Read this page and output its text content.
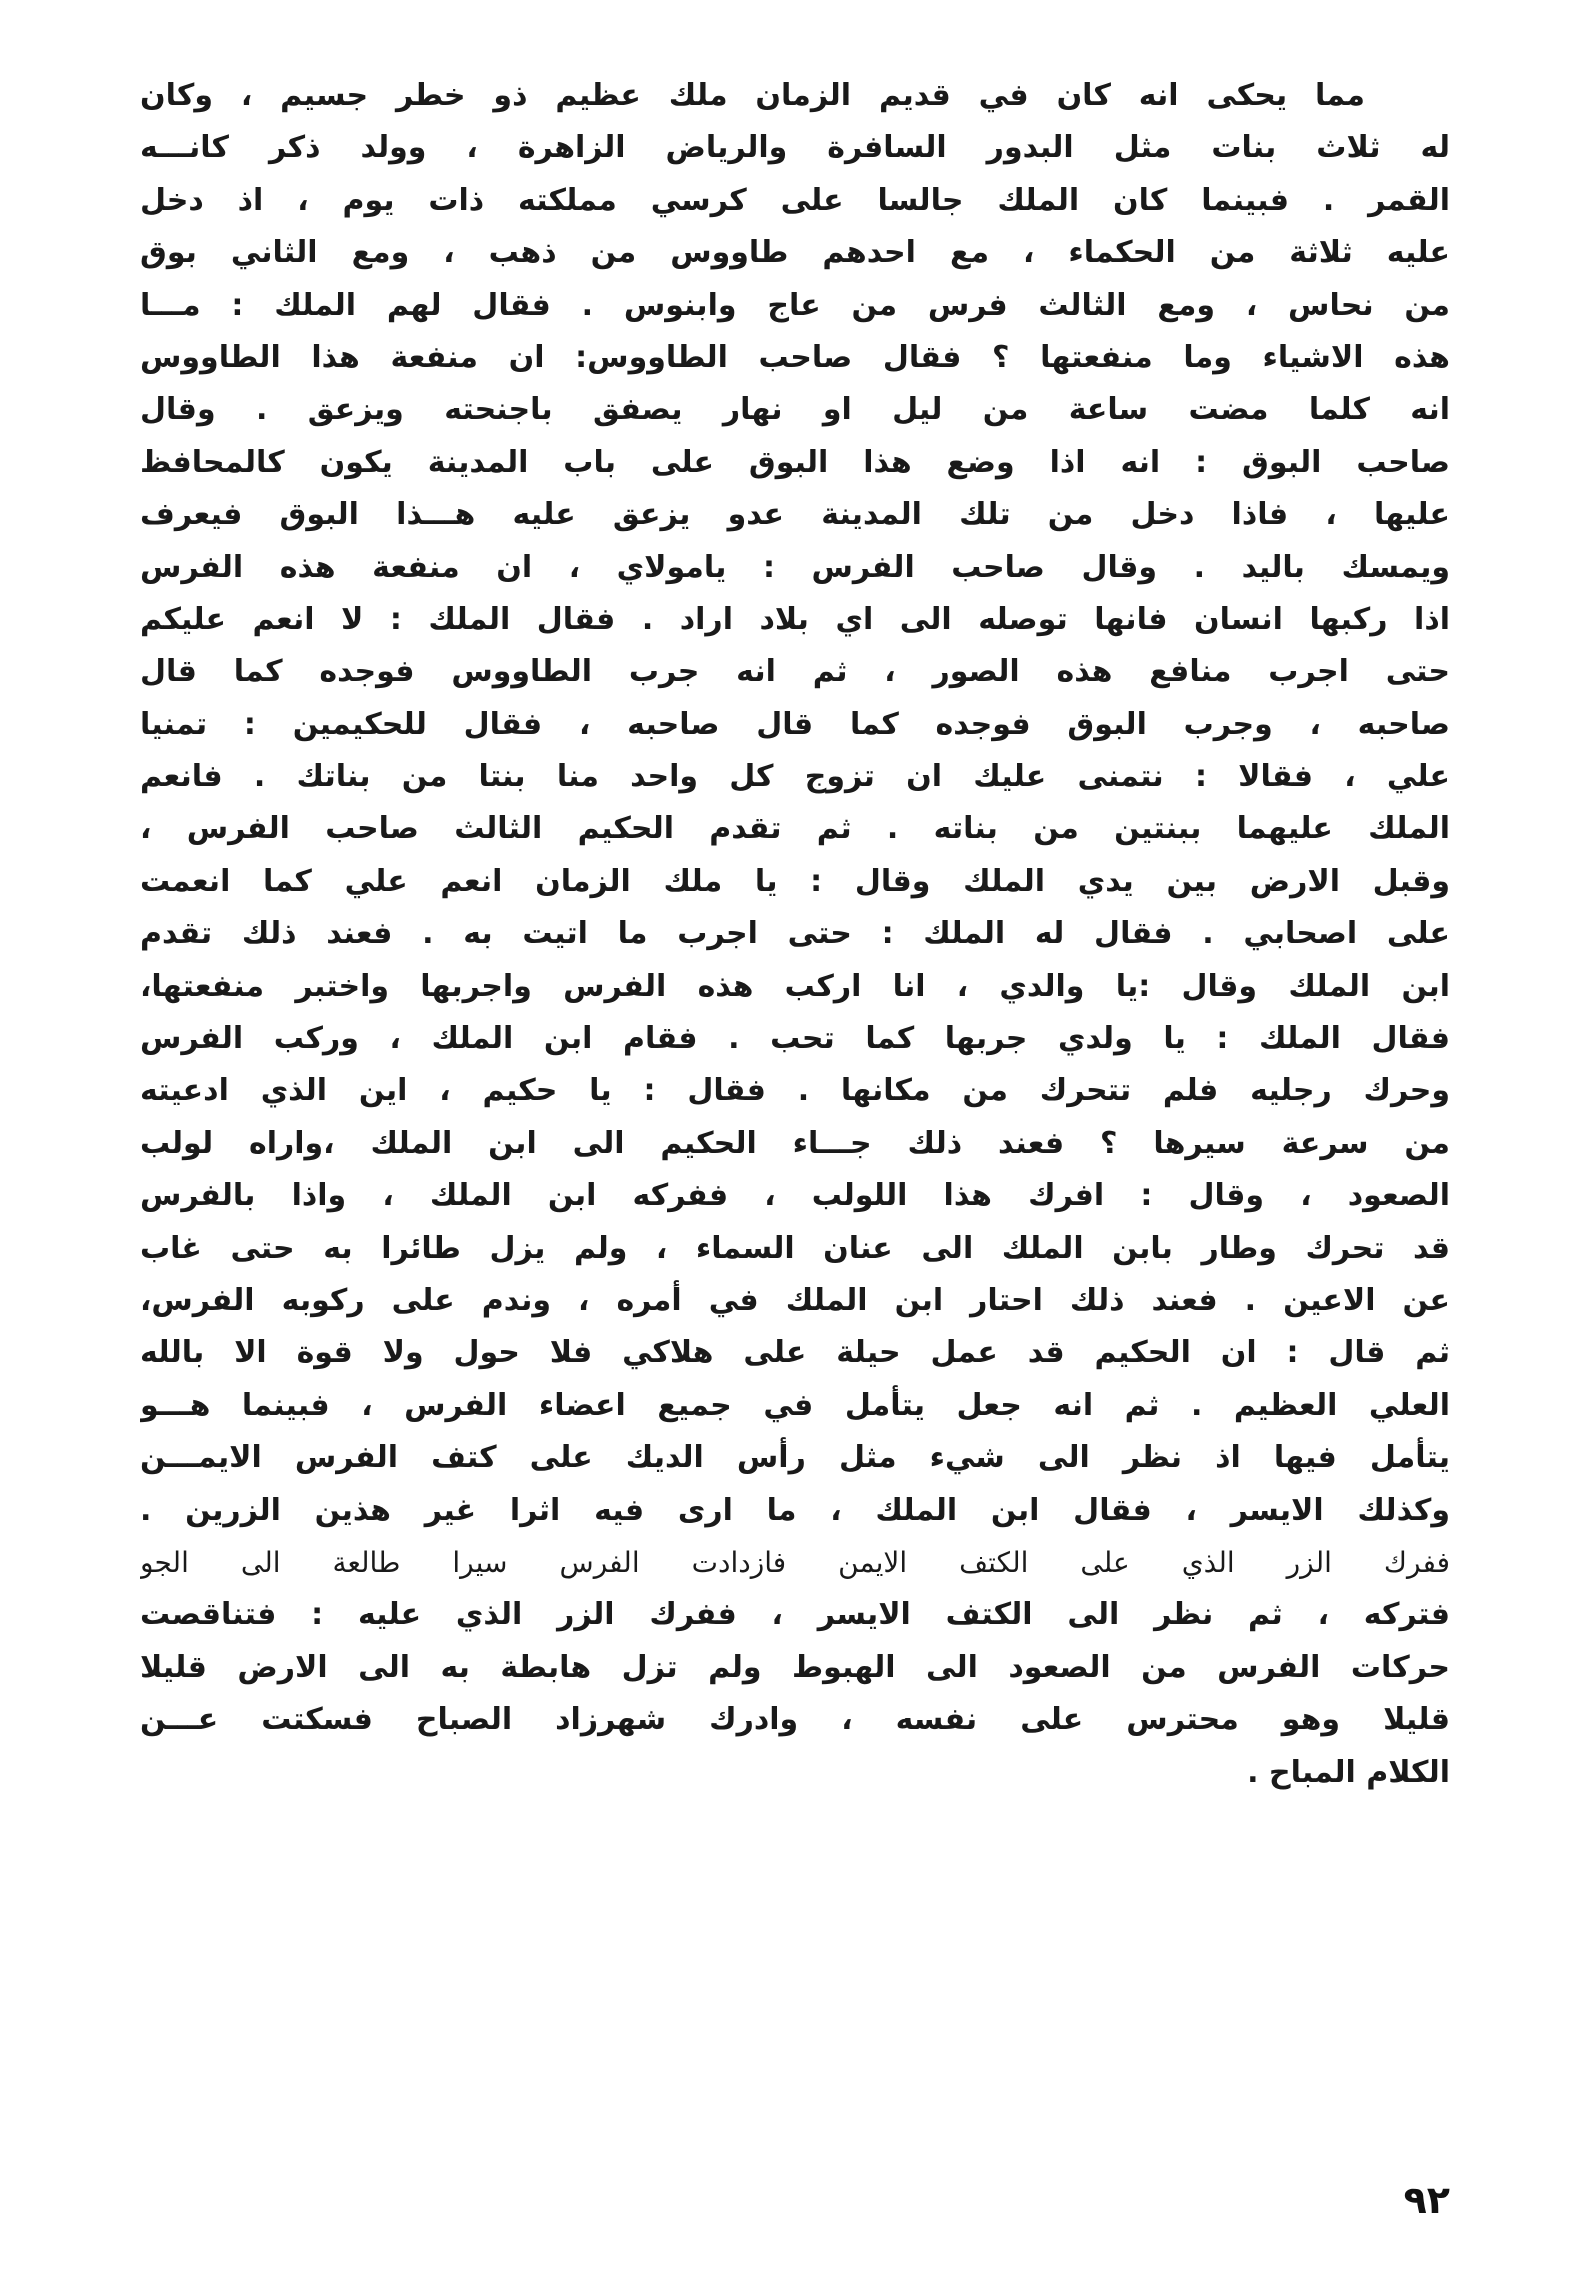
مما يحكى انه كان في قديم الزمان ملك عظيم ذو خطر جسيم ، وكان
له ثلاث بنات مثل البدور السافرة والرياض الزاهرة ، وولد ذكر كانـــه
القمر . فبينما كان الملك جالسا على كرسي مملكته ذات يوم ، اذ دخل
عليه ثلاثة من الحكماء ، مع احدهم طاووس من ذهب ، ومع الثاني بوق
من نحاس ، ومع الثالث فرس من عاج وابنوس . فقال لهم الملك : مـــا
هذه الاشياء وما منفعتها ؟ فقال صاحب الطاووس: ان منفعة هذا الطاووس
انه كلما مضت ساعة من ليل او نهار يصفق باجنحته ويزعق . وقال
صاحب البوق : انه اذا وضع هذا البوق على باب المدينة يكون كالمحافظ
عليها ، فاذا دخل من تلك المدينة عدو يزعق عليه هـــذا البوق فيعرف
ويمسك باليد . وقال صاحب الفرس : يامولاي ، ان منفعة هذه الفرس
اذا ركبها انسان فانها توصله الى اي بلاد اراد . فقال الملك : لا انعم عليكم
حتى اجرب منافع هذه الصور ، ثم انه جرب الطاووس فوجده كما قال
صاحبه ، وجرب البوق فوجده كما قال صاحبه ، فقال للحكيمين : تمنيا
علي ، فقالا : نتمنى عليك ان تزوج كل واحد منا بنتا من بناتك . فانعم
الملك عليهما ببنتين من بناته . ثم تقدم الحكيم الثالث صاحب الفرس ،
وقبل الارض بين يدي الملك وقال : يا ملك الزمان انعم علي كما انعمت
على اصحابي . فقال له الملك : حتى اجرب ما اتيت به . فعند ذلك تقدم
ابن الملك وقال :يا والدي ، انا اركب هذه الفرس واجربها واختبر منفعتها،
فقال الملك : يا ولدي جربها كما تحب . فقام ابن الملك ، وركب الفرس
وحرك رجليه فلم تتحرك من مكانها . فقال : يا حكيم ، اين الذي ادعيته
من سرعة سيرها ؟ فعند ذلك جـــاء الحكيم الى ابن الملك ،واراه لولب
الصعود ، وقال : افرك هذا اللولب ، ففركه ابن الملك ، واذا بالفرس
قد تحرك وطار بابن الملك الى عنان السماء ، ولم يزل طائرا به حتى غاب
عن الاعين . فعند ذلك احتار ابن الملك في أمره ، وندم على ركوبه الفرس،
ثم قال : ان الحكيم قد عمل حيلة على هلاكي فلا حول ولا قوة الا بالله
العلي العظيم . ثم انه جعل يتأمل في جميع اعضاء الفرس ، فبينما هـــو
يتأمل فيها اذ نظر الى شيء مثل رأس الديك على كتف الفرس الايمـــن
وكذلك الايسر ، فقال ابن الملك ، ما ارى فيه اثرا غير هذين الزرين .
ففرك الزر الذي على الكتف الايمن فازدادت الفرس سيرا طالعة الى الجو
فتركه ، ثم نظر الى الكتف الايسر ، ففرك الزر الذي عليه : فتناقصت
حركات الفرس من الصعود الى الهبوط ولم تزل هابطة به الى الارض قليلا
قليلا وهو محترس على نفسه ، وادرك شهرزاد الصباح فسكتت عـــن
الكلام المباح .
٩٢
